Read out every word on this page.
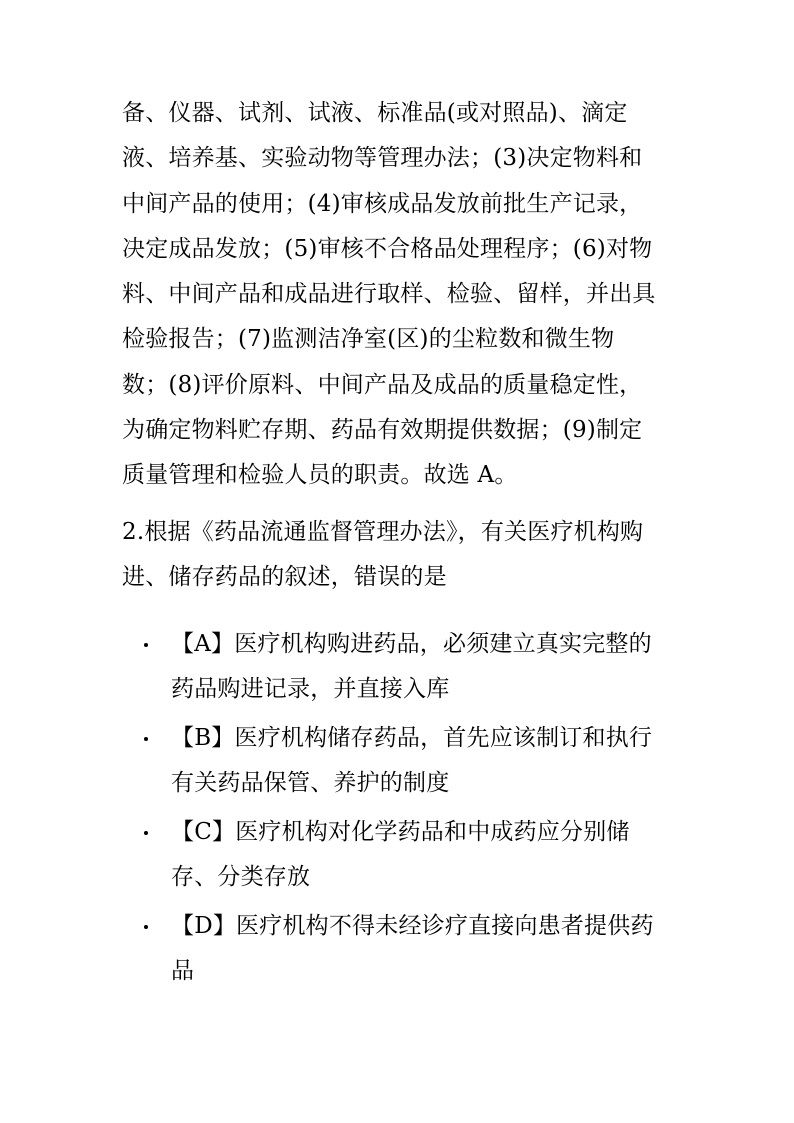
备、仪器、试剂、试液、标准品(或对照品)、滴定
液、培养基、实验动物等管理办法；(3)决定物料和
中间产品的使用；(4)审核成品发放前批生产记录，
决定成品发放；(5)审核不合格品处理程序；(6)对物
料、中间产品和成品进行取样、检验、留样，并出具
检验报告；(7)监测洁净室(区)的尘粒数和微生物
数；(8)评价原料、中间产品及成品的质量稳定性，
为确定物料贮存期、药品有效期提供数据；(9)制定
质量管理和检验人员的职责。故选 A。
2.根据《药品流通监督管理办法》，有关医疗机构购
进、储存药品的叙述，错误的是
【A】医疗机构购进药品，必须建立真实完整的
药品购进记录，并直接入库
【B】医疗机构储存药品，首先应该制订和执行
有关药品保管、养护的制度
【C】医疗机构对化学药品和中成药应分别储
存、分类存放
【D】医疗机构不得未经诊疗直接向患者提供药
品
